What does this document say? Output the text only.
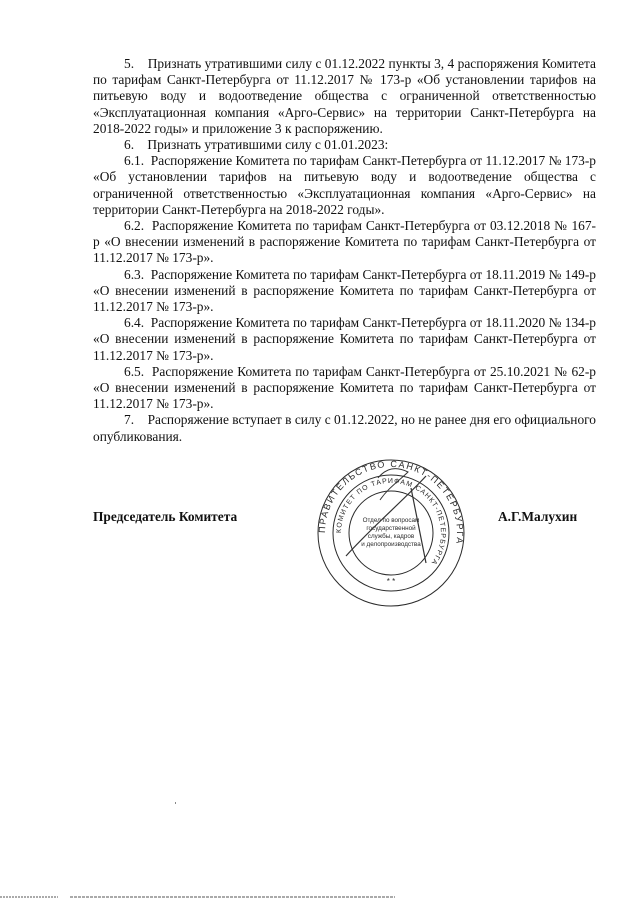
5.    Признать утратившими силу с 01.12.2022 пункты 3, 4 распоряжения Комитета по тарифам Санкт-Петербурга от 11.12.2017 № 173-р «Об установлении тарифов на питьевую воду и водоотведение общества с ограниченной ответственностью «Эксплуатационная компания «Арго-Сервис» на территории Санкт-Петербурга на 2018-2022 годы» и приложение 3 к распоряжению.

6.    Признать утратившими силу с 01.01.2023:

6.1.  Распоряжение Комитета по тарифам Санкт-Петербурга от 11.12.2017 № 173-р «Об установлении тарифов на питьевую воду и водоотведение общества с ограниченной ответственностью «Эксплуатационная компания «Арго-Сервис» на территории Санкт-Петербурга на 2018-2022 годы».

6.2.  Распоряжение Комитета по тарифам Санкт-Петербурга от 03.12.2018 № 167-р «О внесении изменений в распоряжение Комитета по тарифам Санкт-Петербурга от 11.12.2017 № 173-р».

6.3.  Распоряжение Комитета по тарифам Санкт-Петербурга от 18.11.2019 № 149-р «О внесении изменений в распоряжение Комитета по тарифам Санкт-Петербурга от 11.12.2017 № 173-р».

6.4.  Распоряжение Комитета по тарифам Санкт-Петербурга от 18.11.2020 № 134-р «О внесении изменений в распоряжение Комитета по тарифам Санкт-Петербурга от 11.12.2017 № 173-р».

6.5.  Распоряжение Комитета по тарифам Санкт-Петербурга от 25.10.2021 № 62-р «О внесении изменений в распоряжение Комитета по тарифам Санкт-Петербурга от 11.12.2017 № 173-р».

7.    Распоряжение вступает в силу с 01.12.2022, но не ранее дня его официального опубликования.

Председатель Комитета	А.Г.Малухин
ПРАВИТЕЛЬСТВО САНКТ-ПЕТЕРБУРГА
КОМИТЕТ ПО ТАРИФАМ САНКТ-ПЕТЕРБУРГА
Отдел по вопросам
государственной
службы, кадров
и делопроизводства
* *
